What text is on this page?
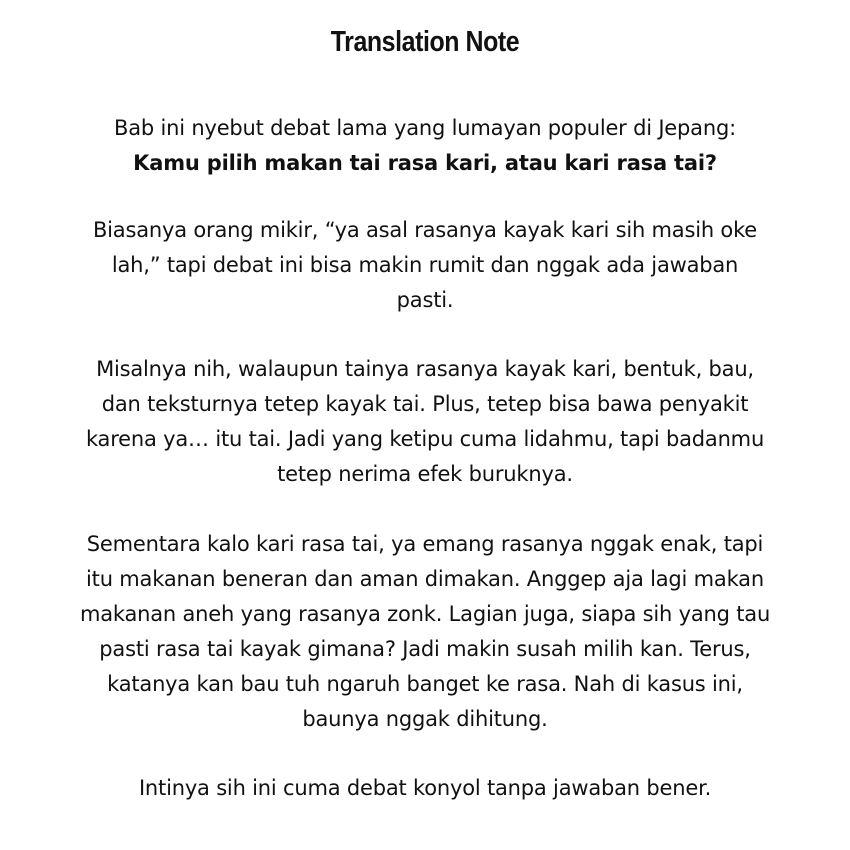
Translation Note
Bab ini nyebut debat lama yang lumayan populer di Jepang:
Kamu pilih makan tai rasa kari, atau kari rasa tai?
Biasanya orang mikir, “ya asal rasanya kayak kari sih masih oke
lah,” tapi debat ini bisa makin rumit dan nggak ada jawaban
pasti.
Misalnya nih, walaupun tainya rasanya kayak kari, bentuk, bau,
dan teksturnya tetep kayak tai. Plus, tetep bisa bawa penyakit
karena ya… itu tai. Jadi yang ketipu cuma lidahmu, tapi badanmu
tetep nerima efek buruknya.
Sementara kalo kari rasa tai, ya emang rasanya nggak enak, tapi
itu makanan beneran dan aman dimakan. Anggep aja lagi makan
makanan aneh yang rasanya zonk. Lagian juga, siapa sih yang tau
pasti rasa tai kayak gimana? Jadi makin susah milih kan. Terus,
katanya kan bau tuh ngaruh banget ke rasa. Nah di kasus ini,
baunya nggak dihitung.
Intinya sih ini cuma debat konyol tanpa jawaban bener.
